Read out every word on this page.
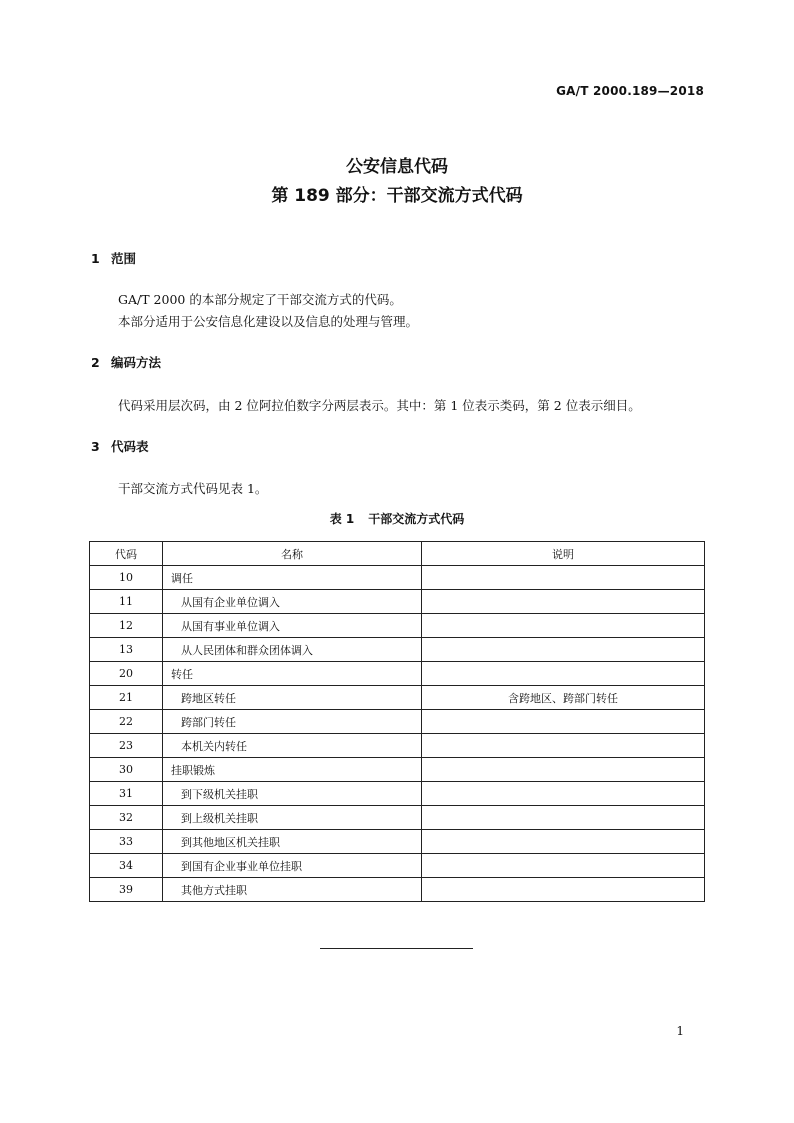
GA/T 2000.189—2018
公安信息代码
第 189 部分：干部交流方式代码
1 范围
GA/T 2000 的本部分规定了干部交流方式的代码。
本部分适用于公安信息化建设以及信息的处理与管理。
2 编码方法
代码采用层次码，由 2 位阿拉伯数字分两层表示。其中：第 1 位表示类码，第 2 位表示细目。
3 代码表
干部交流方式代码见表 1。
表 1 干部交流方式代码
代码	名称	说明
10	调任	
11	从国有企业单位调入	
12	从国有事业单位调入	
13	从人民团体和群众团体调入	
20	转任	
21	跨地区转任	含跨地区、跨部门转任
22	跨部门转任	
23	本机关内转任	
30	挂职锻炼	
31	到下级机关挂职	
32	到上级机关挂职	
33	到其他地区机关挂职	
34	到国有企业事业单位挂职	
39	其他方式挂职	
1
